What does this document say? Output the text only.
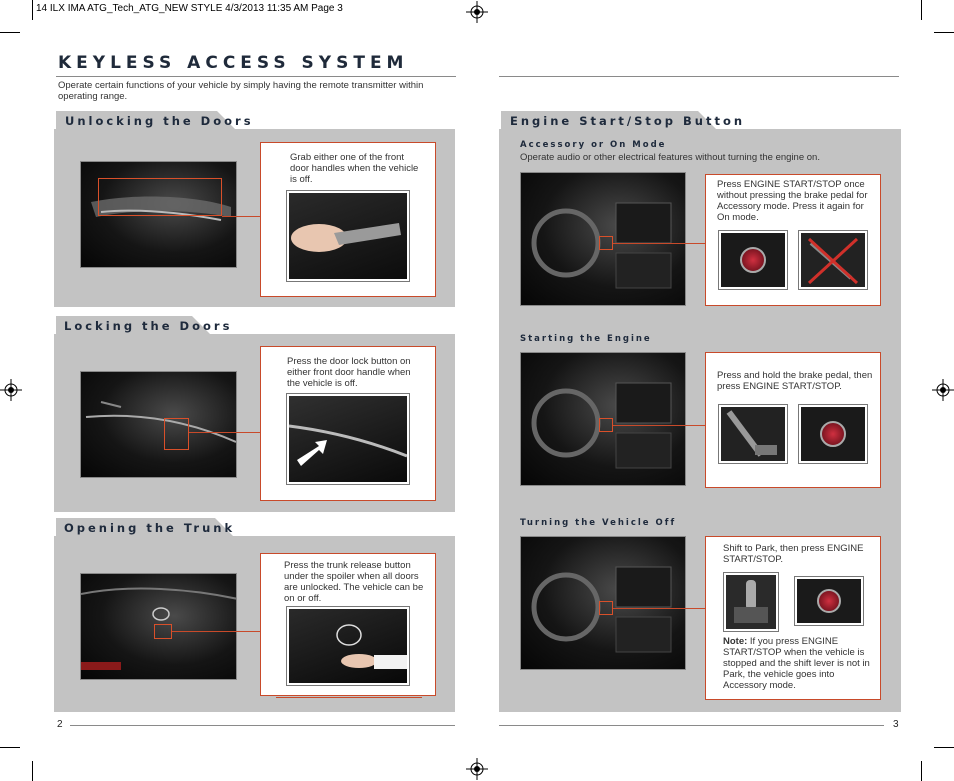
14 ILX IMA ATG_Tech_ATG_NEW STYLE 4/3/2013 11:35 AM Page 3
KEYLESS ACCESS SYSTEM
Operate certain functions of your vehicle by simply having the remote transmitter within operating range.
Unlocking the Doors
Grab either one of the front door handles when the vehicle is off.
Locking the Doors
Press the door lock button on either front door handle when the vehicle is off.
Opening the Trunk
Press the trunk release button under the spoiler when all doors are unlocked. The vehicle can be on or off.
2
Engine Start/Stop Button
Accessory or On Mode
Operate audio or other electrical features without turning the engine on.
Press ENGINE START/STOP once without pressing the brake pedal for Accessory mode. Press it again for On mode.
Starting the Engine
Press and hold the brake pedal, then press ENGINE START/STOP.
Turning the Vehicle Off
Shift to Park, then press ENGINE START/STOP.
Note: If you press ENGINE START/STOP when the vehicle is stopped and the shift lever is not in Park, the vehicle goes into Accessory mode.
3
